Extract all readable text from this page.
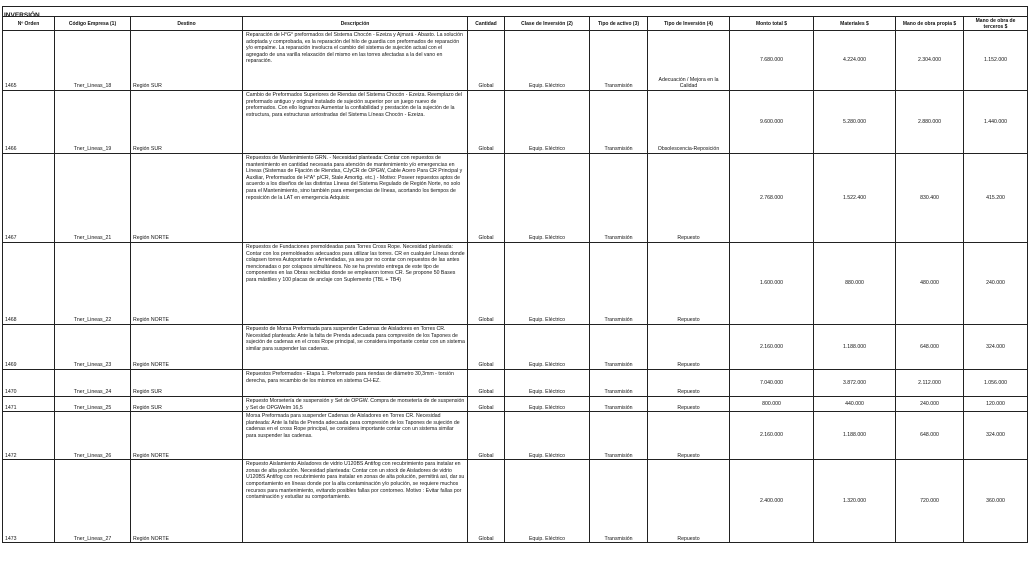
INVERSIÓN

Nº Orden	Código Empresa (1)	Destino	Descripción	Cantidad	Clase de Inversión (2)	Tipo de activo (3)	Tipo de Inversión (4)	Monto total $	Materiales $	Mano de obra propia $	Mano de obra de terceros $
1465	Tner_Lineas_18	Región SUR	Reparación de H°G° preformados del Sistema Chocón - Ezeiza y Ajmará - Abasto. La solución adoptada y comprobada, es la reparación del hilo de guardia con preformados de reparación y/o empalme. La reparación involucra el cambio del sistema de sujeción actual con el agregado de una varilla relaxación del mismo en las torres afectadas a la del vano en reparación.	Global	Equip. Eléctrico	Transmisión	Adecuación / Mejora en la Calidad	7.680.000	4.224.000	2.304.000	1.152.000
1466	Tner_Lineas_19	Región SUR	Cambio de Preformados Superiores de Riendas del Sistema Chocón - Ezeiza. Reemplazo del preformado antiguo y original instalado de sujeción superior por un juego nuevo de preformados. Con ello logramos Aumentar la confiabilidad y prestación de la sujeción de la estructura, para estructuras arriostradas del Sistema Líneas Chocón - Ezeiza.	Global	Equip. Eléctrico	Transmisión	Obsolescencia-Reposición	9.600.000	5.280.000	2.880.000	1.440.000
1467	Tner_Lineas_21	Región NORTE	Repuestos de Mantenimiento GRN. - Necesidad planteada: Contar con repuestos de mantenimiento en cantidad necesaria para atención de mantenimiento y/o emergencias en Líneas (Sistemas de Fijación de Riendas, CJyCR de OPGW, Cable Acero Para CR Principal y Auxiliar, Preformados de H°A° p/CR, Stale Amortig. etc.) - Motivo: Poseer repuestos aptos de acuerdo a los diseños de las distintas Líneas del Sistema Regulado de Región Norte, no solo para el Mantenimiento, sino también para emergencias de líneas, acortando los tiempos de reposición de la LAT en emergencia Adquisic	Global	Equip. Eléctrico	Transmisión	Repuesto	2.768.000	1.522.400	830.400	415.200
1468	Tner_Lineas_22	Región NORTE	Repuestos de Fundaciones premoldeadas para Torres Cross Rope. Necesidad planteada: Contar con los premoldeados adecuados para utilizar las torres. CR en cualquier Líneas donde colapsen torres Autoportante o Arriendadas, ya sea por no contar con repuestos de las antes mencionadas o por colapsos simultáneos. No se ha previsto entrega de este tipo de componentes en las Obras recibidas donde se emplearon torres CR. Se propone 50 Bases para mástiles y 100 placas de anclaje con Suplemento (TBL + TB4)	Global	Equip. Eléctrico	Transmisión	Repuesto	1.600.000	880.000	480.000	240.000
1469	Tner_Lineas_23	Región NORTE	Repuesto de Morsa Preformada para suspender Cadenas de Aisladores en Torres CR. Necesidad planteada: Ante la falta de Prenda adecuada para compresión de los Tapones de sujeción de cadenas en el cross Rope principal, se considera importante contar con un sistema similar para suspender las cadenas.	Global	Equip. Eléctrico	Transmisión	Repuesto	2.160.000	1.188.000	648.000	324.000
1470	Tner_Lineas_24	Región SUR	Repuestos Preformados - Etapa 1. Preformado para riendas de diámetro 30,3mm - torsión derecha, para recambio de los mismos en sistema CH-EZ.	Global	Equip. Eléctrico	Transmisión	Repuesto	7.040.000	3.872.000	2.112.000	1.056.000
1471	Tner_Lineas_25	Región SUR	Repuesto Morsetería de suspensión y Set de OPGW. Compra de morsetería de de suspensión y Set de OPGWelm 16,5	Global	Equip. Eléctrico	Transmisión	Repuesto	800.000	440.000	240.000	120.000
1472	Tner_Lineas_26	Región NORTE	Morsa Preformada para suspender Cadenas de Aisladores en Torres CR. Necesidad planteada: Ante la falta de Prenda adecuada para compresión de los Tapones de sujeción de cadenas en el cross Rope principal, se considera importante contar con un sistema similar para suspender las cadenas.	Global	Equip. Eléctrico	Transmisión	Repuesto	2.160.000	1.188.000	648.000	324.000
1473	Tner_Lineas_27	Región NORTE	Repuesto Aislamiento Aisladores de vidrio U120BS Antifog con recubrimiento para instalar en zonas de alta polución. Necesidad planteada: Contar con un stock de Aisladores de vidrio U120BS Antifog con recubrimiento para instalar en zonas de alta polución, permitirá así, dar su comportamiento en líneas donde por la alta contaminación y/o polución, se requiere muchos recursos para mantenimiento, evitando posibles fallas por contorneo. Motivo : Evitar fallas por contaminación y estudiar su comportamiento.	Global	Equip. Eléctrico	Transmisión	Repuesto	2.400.000	1.320.000	720.000	360.000
